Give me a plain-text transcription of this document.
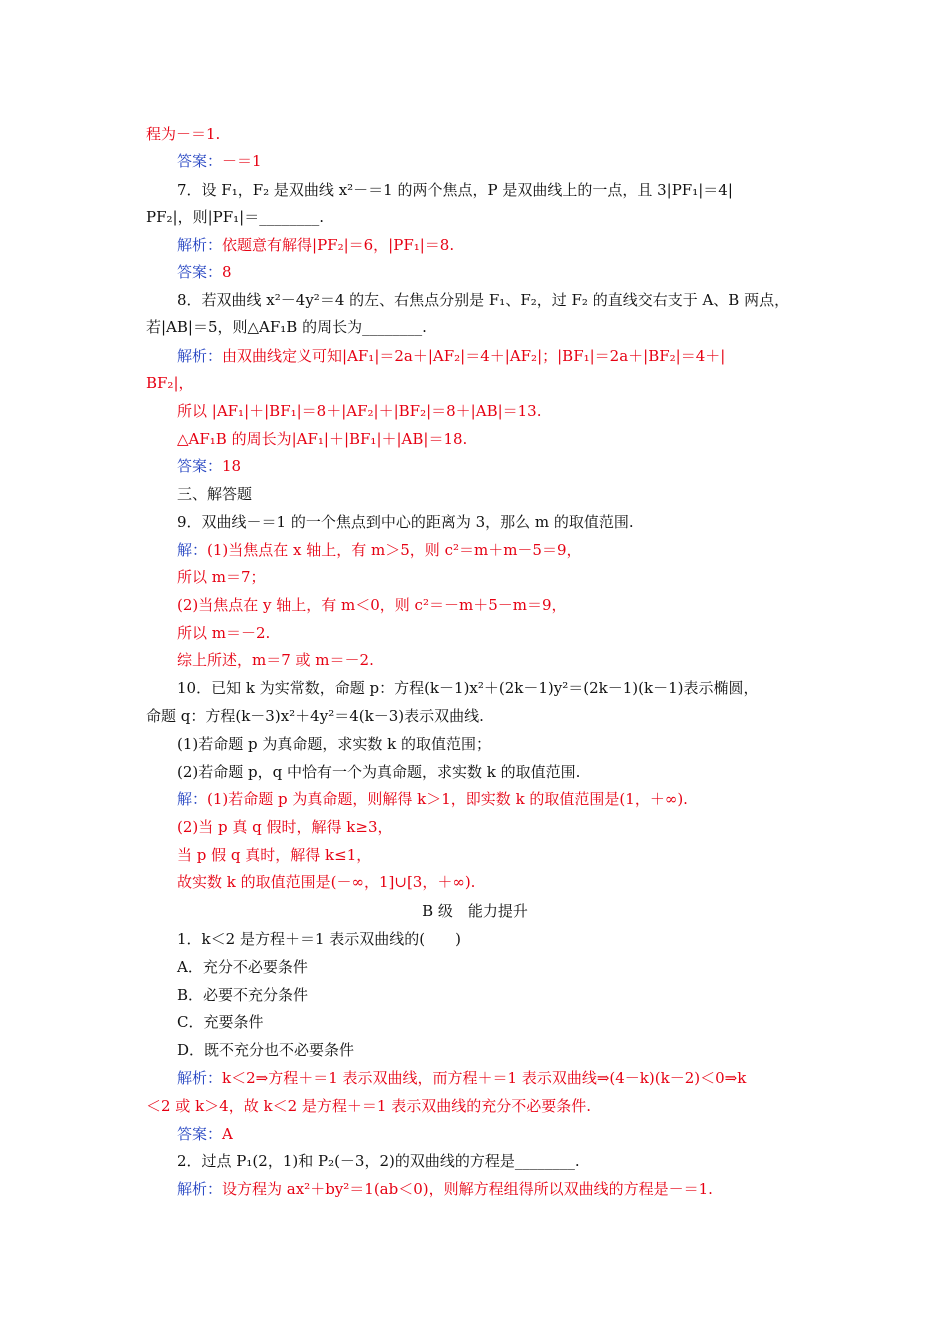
程为－＝1.
答案：－＝1
7．设 F₁，F₂ 是双曲线 x²－＝1 的两个焦点，P 是双曲线上的一点，且 3|PF₁|＝4|
PF₂|，则|PF₁|＝________.
解析：依题意有解得|PF₂|＝6，|PF₁|＝8.
答案：8
8．若双曲线 x²－4y²＝4 的左、右焦点分别是 F₁、F₂，过 F₂ 的直线交右支于 A、B 两点，
若|AB|＝5，则△AF₁B 的周长为________.
解析：由双曲线定义可知|AF₁|＝2a＋|AF₂|＝4＋|AF₂|；|BF₁|＝2a＋|BF₂|＝4＋|
BF₂|，
所以 |AF₁|＋|BF₁|＝8＋|AF₂|＋|BF₂|＝8＋|AB|＝13.
△AF₁B 的周长为|AF₁|＋|BF₁|＋|AB|＝18.
答案：18
三、解答题
9．双曲线－＝1 的一个焦点到中心的距离为 3，那么 m 的取值范围.
解：(1)当焦点在 x 轴上，有 m＞5，则 c²＝m＋m－5＝9，
所以 m＝7；
(2)当焦点在 y 轴上，有 m＜0，则 c²＝－m＋5－m＝9，
所以 m＝－2.
综上所述，m＝7 或 m＝－2.
10．已知 k 为实常数，命题 p：方程(k－1)x²＋(2k－1)y²＝(2k－1)(k－1)表示椭圆，
命题 q：方程(k－3)x²＋4y²＝4(k－3)表示双曲线.
(1)若命题 p 为真命题，求实数 k 的取值范围；
(2)若命题 p，q 中恰有一个为真命题，求实数 k 的取值范围.
解：(1)若命题 p 为真命题，则解得 k＞1，即实数 k 的取值范围是(1，＋∞).
(2)当 p 真 q 假时，解得 k≥3，
当 p 假 q 真时，解得 k≤1，
故实数 k 的取值范围是(－∞，1]∪[3，＋∞).
B 级　能力提升
1．k＜2 是方程＋＝1 表示双曲线的(　　)
A．充分不必要条件
B．必要不充分条件
C．充要条件
D．既不充分也不必要条件
解析：k＜2⇒方程＋＝1 表示双曲线，而方程＋＝1 表示双曲线⇒(4－k)(k－2)＜0⇒k
＜2 或 k＞4，故 k＜2 是方程＋＝1 表示双曲线的充分不必要条件.
答案：A
2．过点 P₁(2，1)和 P₂(－3，2)的双曲线的方程是________.
解析：设方程为 ax²＋by²＝1(ab＜0)，则解方程组得所以双曲线的方程是－＝1.
